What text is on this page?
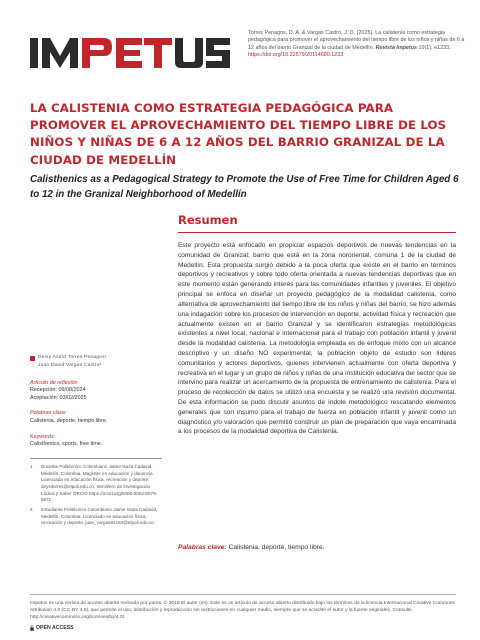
Torres Penagos, D. A. & Vargas Castro, J. D. (2025). La calistenia como estrategia pedagógica para promover el aprovechamiento del tiempo libre de los niños y niñas de 6 a 12 años del barrio Granizal de la ciudad de Medellín. Revista Impetus 19(1), e1233.
https://doi.org/10.22579/20114680.1233
LA CALISTENIA COMO ESTRATEGIA PEDAGÓGICA PARA PROMOVER EL APROVECHAMIENTO DEL TIEMPO LIBRE DE LOS NIÑOS Y NIÑAS DE 6 A 12 AÑOS DEL BARRIO GRANIZAL DE LA CIUDAD DE MEDELLÍN
Calisthenics as a Pedagogical Strategy to Promote the Use of Free Time for Children Aged 6 to 12 in the Granizal Neighborhood of Medellín
Resumen

Este proyecto está enfocado en propiciar espacios deportivos de nuevas tendencias en la comunidad de Granizal; barrio que está en la zona nororiental, comuna 1 de la ciudad de Medellín. Esta propuesta surgió debido a la poca oferta que existe en el barrio en términos deportivos y recreativos y sobre todo oferta orientada a nuevas tendencias deportivas que en este momento están generando interés para las comunidades infantiles y juveniles. El objetivo principal se enfoca en diseñar un proyecto pedagógico de la modalidad calistenia, como alternativa de aprovechamiento del tiempo libre de los niños y niñas del barrio, se hizo además una indagación sobre los procesos de intervención en deporte, actividad física y recreación que actualmente existen en el barrio Granizal y se identificaron estrategias metodológicas existentes a nivel local, nacional e internacional para el trabajo con población infantil y juvenil desde la modalidad calistenia. La metodología empleada es de enfoque mixto con un alcance descriptivo y un diseño NO experimental, la población objeto de estudio son líderes comunitarios y actores deportivos, quienes intervienen actualmente con oferta deportiva y recreativa en el lugar y un grupo de niños y niñas de una institución educativa del sector que se intervino para realizar un acercamiento de la propuesta de entrenamiento de calistenia. Para el proceso de recolección de datos se utilizó una encuesta y se realizó una revisión documental. De esta información se pudo discutir asuntos de índole metodológico rescatando elementos generales que son insumo para el trabajo de fuerza en población infantil y juvenil como un diagnóstico y/o valoración que permitió construir un plan de preparación que vaya encaminada a los procesos de la modalidad deportiva de Calistenia.

Palabras clave: Calistenia, deporte, tiempo libre.
Deisy Astrid Torres Penagos¹
Juan David Vargas Castro²
Artículo de reflexión
Recepción: 09/08/2024
Aceptación: 03/02/2025
Palabras clave:
Calistenia, deporte, tiempo libre.
Keywords:
Calisthenics, sports, free time.
1	Docente Politécnico Colombiano Jaime Isaza Cadavid, Medellín, Colombia. Magíster en educación y docencia Licenciada en educación física, recreación y deporte; deysitorres@elpoli.edu.co. Semillero de Investigación Lúdica y Saber ORCID https://orcid.org/0000-0002-8579-5871
2	Estudiante Politécnico Colombiano Jaime Isaza Cadavid, Medellín, Colombia. Licenciado en educación física, recreación y deporte. juan_vargas84182@elpoli.edu.co
Impetus es una revista de acceso abierto revisada por pares. © 2018 El autor (es). Este es un artículo de acceso abierto distribuido bajo los términos de la licencia Internacional Creative Commons Attribution 4.0 (CC-BY 4.0), que permite el uso, distribución y reproducción sin restricciones en cualquier medio, siempre que se acredite el autor y la fuente originales. Consulte http://creativecommons.org/licenses/by/4.0/.
OPEN ACCESS
